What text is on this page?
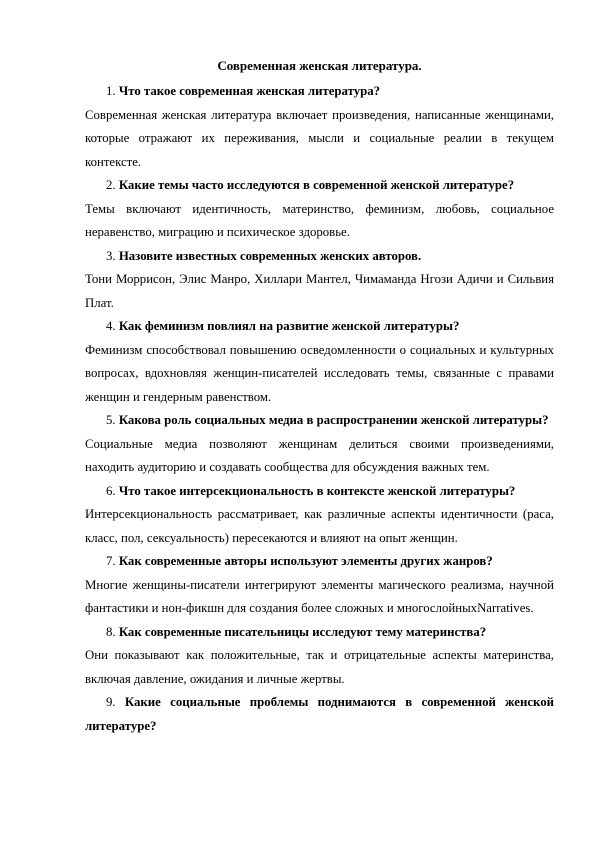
Современная женская литература.

1. Что такое современная женская литература?

Современная женская литература включает произведения, написанные женщинами, которые отражают их переживания, мысли и социальные реалии в текущем контексте.

2. Какие темы часто исследуются в современной женской литературе?

Темы включают идентичность, материнство, феминизм, любовь, социальное неравенство, миграцию и психическое здоровье.

3. Назовите известных современных женских авторов.

Тони Моррисон, Элис Манро, Хиллари Мантел, Чимаманда Нгози Адичи и Сильвия Плат.

4. Как феминизм повлиял на развитие женской литературы?

Феминизм способствовал повышению осведомленности о социальных и культурных вопросах, вдохновляя женщин-писателей исследовать темы, связанные с правами женщин и гендерным равенством.

5. Какова роль социальных медиа в распространении женской литературы?

Социальные медиа позволяют женщинам делиться своими произведениями, находить аудиторию и создавать сообщества для обсуждения важных тем.

6. Что такое интерсекциональность в контексте женской литературы?

Интерсекциональность рассматривает, как различные аспекты идентичности (раса, класс, пол, сексуальность) пересекаются и влияют на опыт женщин.

7. Как современные авторы используют элементы других жанров?

Многие женщины-писатели интегрируют элементы магического реализма, научной фантастики и нон-фикшн для создания более сложных и многослойныхNarratives.

8. Как современные писательницы исследуют тему материнства?

Они показывают как положительные, так и отрицательные аспекты материнства, включая давление, ожидания и личные жертвы.

9. Какие социальные проблемы поднимаются в современной женской литературе?
